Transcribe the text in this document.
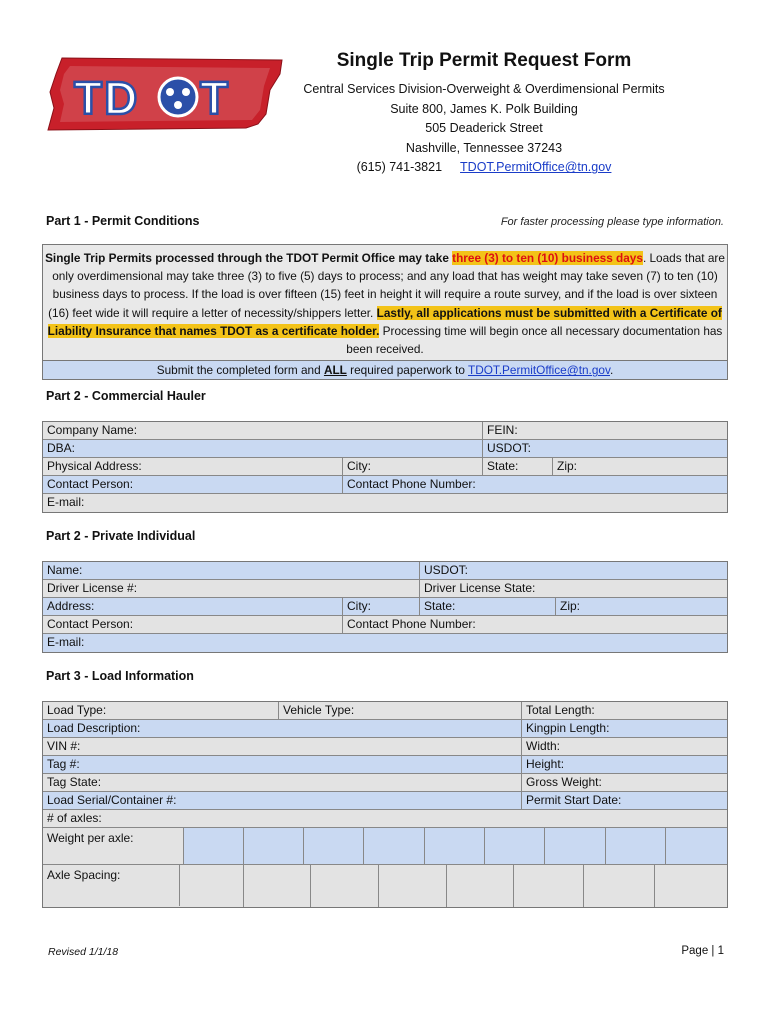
TD T
Single Trip Permit Request Form
Central Services Division-Overweight & Overdimensional Permits
Suite 800, James K. Polk Building
505 Deaderick Street
Nashville, Tennessee 37243
(615) 741-3821 TDOT.PermitOffice@tn.gov
Part 1 - Permit Conditions	For faster processing please type information.
Single Trip Permits processed through the TDOT Permit Office may take three (3) to ten (10) business days. Loads that are only overdimensional may take three (3) to five (5) days to process; and any load that has weight may take seven (7) to ten (10) business days to process. If the load is over fifteen (15) feet in height it will require a route survey, and if the load is over sixteen (16) feet wide it will require a letter of necessity/shippers letter. Lastly, all applications must be submitted with a Certificate of Liability Insurance that names TDOT as a certificate holder. Processing time will begin once all necessary documentation has been received.
Submit the completed form and ALL required paperwork to TDOT.PermitOffice@tn.gov.
Part 2 - Commercial Hauler
Company Name:	FEIN:
DBA:	USDOT:
Physical Address:	City:	State:	Zip:
Contact Person:	Contact Phone Number:
E-mail:
Part 2 - Private Individual
Name:	USDOT:
Driver License #:	Driver License State:
Address:	City:	State:	Zip:
Contact Person:	Contact Phone Number:
E-mail:
Part 3 - Load Information
Load Type:	Vehicle Type:	Total Length:
Load Description:	Kingpin Length:
VIN #:	Width:
Tag #:	Height:
Tag State:	Gross Weight:
Load Serial/Container #:	Permit Start Date:
# of axles:
Weight per axle:
Axle Spacing:
Revised 1/1/18	Page | 1
